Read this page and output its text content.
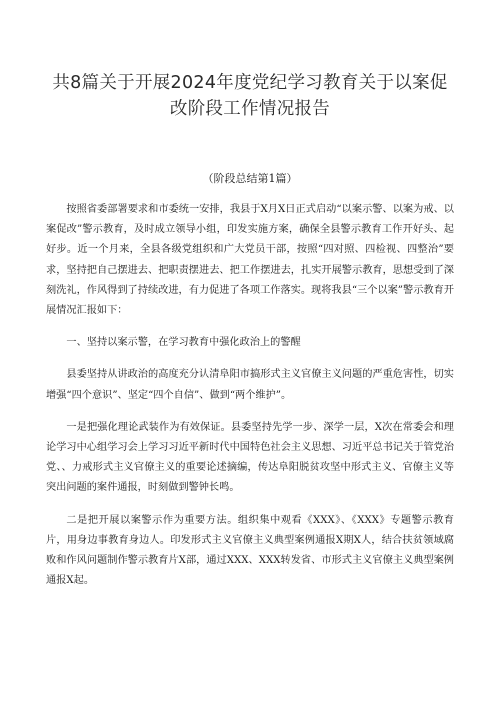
共8篇关于开展2024年度党纪学习教育关于以案促改阶段工作情况报告
（阶段总结第1篇）

按照省委部署要求和市委统一安排，我县于X月X日正式启动“以案示警、以案为戒、以案促改”警示教育，及时成立领导小组，印发实施方案，确保全县警示教育工作开好头、起好步。近一个月来，全县各级党组织和广大党员干部，按照“四对照、四检视、四整治”要求，坚持把自己摆进去、把职责摆进去、把工作摆进去，扎实开展警示教育，思想受到了深刻洗礼，作风得到了持续改进，有力促进了各项工作落实。现将我县“三个以案”警示教育开展情况汇报如下：

一、坚持以案示警，在学习教育中强化政治上的警醒

县委坚持从讲政治的高度充分认清阜阳市搞形式主义官僚主义问题的严重危害性，切实增强“四个意识”、坚定“四个自信”、做到“两个维护”。

一是把强化理论武装作为有效保证。县委坚持先学一步、深学一层，X次在常委会和理论学习中心组学习会上学习习近平新时代中国特色社会主义思想、习近平总书记关于管党治党、、力戒形式主义官僚主义的重要论述摘编，传达阜阳脱贫攻坚中形式主义、官僚主义等突出问题的案件通报，时刻做到警钟长鸣。

二是把开展以案警示作为重要方法。组织集中观看《XXX》、《XXX》专题警示教育片，用身边事教育身边人。印发形式主义官僚主义典型案例通报X期X人，结合扶贫领域腐败和作风问题制作警示教育片X部，通过XXX、XXX转发省、市形式主义官僚主义典型案例通报X起。
